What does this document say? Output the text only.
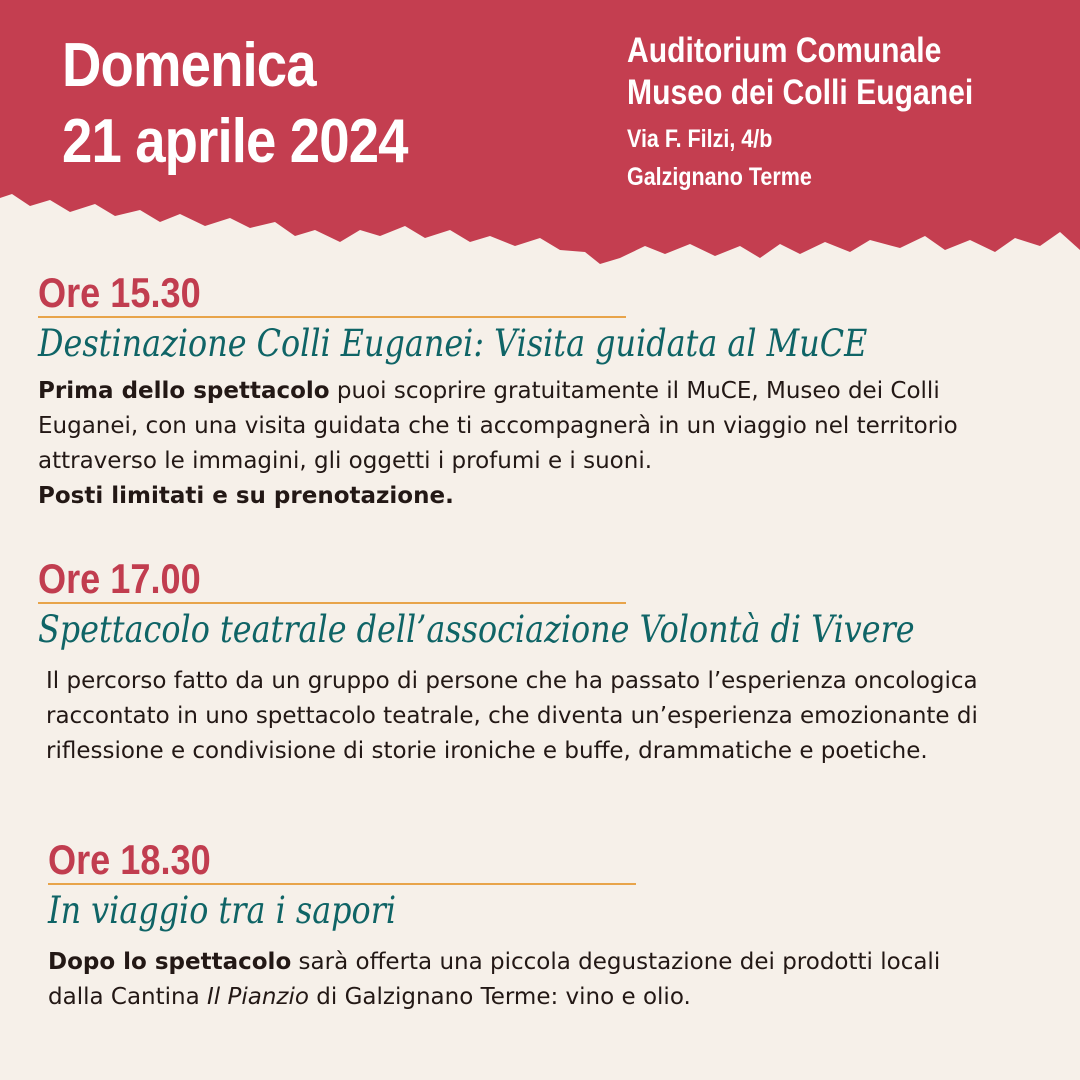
Domenica
21 aprile 2024
Auditorium Comunale
Museo dei Colli Euganei
Via F. Filzi, 4/b
Galzignano Terme

Ore 15.30

Destinazione Colli Euganei: Visita guidata al MuCE

Prima dello spettacolo puoi scoprire gratuitamente il MuCE, Museo dei Colli Euganei, con una visita guidata che ti accompagnerà in un viaggio nel territorio attraverso le immagini, gli oggetti i profumi e i suoni.
Posti limitati e su prenotazione.

Ore 17.00

Spettacolo teatrale dell’associazione Volontà di Vivere

Il percorso fatto da un gruppo di persone che ha passato l’esperienza oncologica raccontato in uno spettacolo teatrale, che diventa un’esperienza emozionante di riflessione e condivisione di storie ironiche e buffe, drammatiche e poetiche.

Ore 18.30

In viaggio tra i sapori

Dopo lo spettacolo sarà offerta una piccola degustazione dei prodotti locali dalla Cantina Il Pianzio di Galzignano Terme: vino e olio.
